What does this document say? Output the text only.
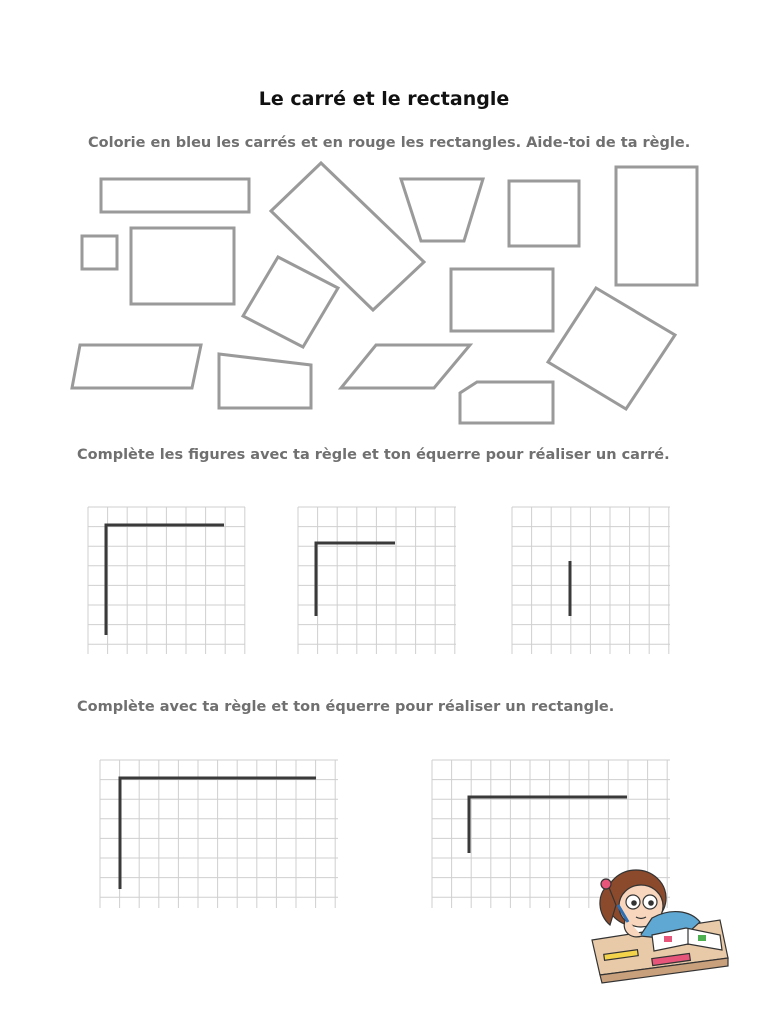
Le carré et le rectangle
Colorie en bleu les carrés et en rouge les rectangles. Aide-toi de ta règle.
Complète les figures avec ta règle et ton équerre pour réaliser un carré.
Complète avec ta règle et ton équerre pour réaliser un rectangle.
